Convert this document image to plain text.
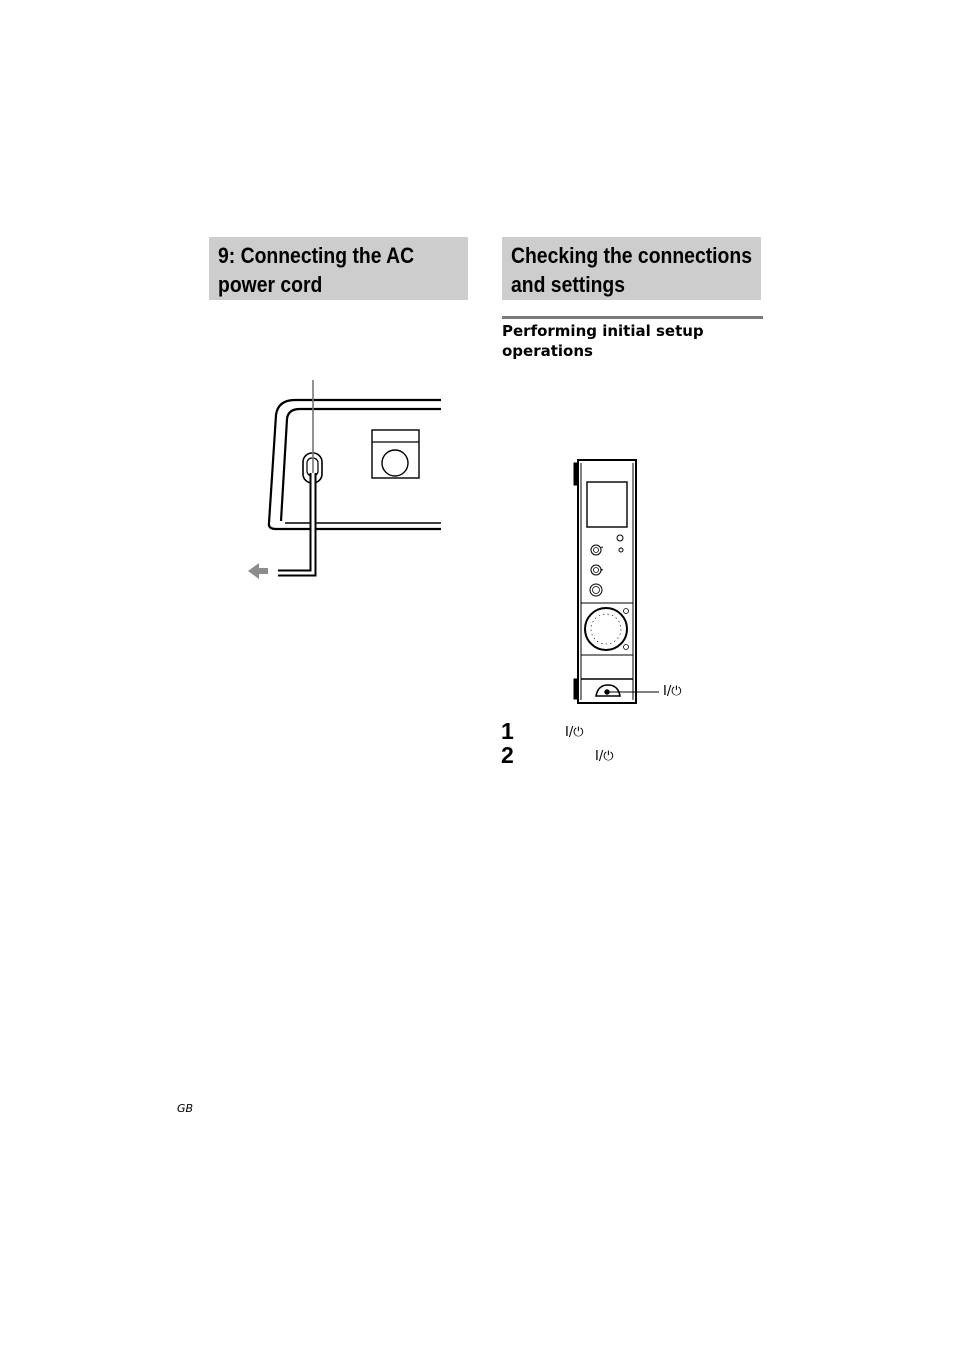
9: Connecting the AC
power cord
Checking the connections
and settings
Performing initial setup
operations
I/⏻
1	I/⏻
2	I/⏻
GB
